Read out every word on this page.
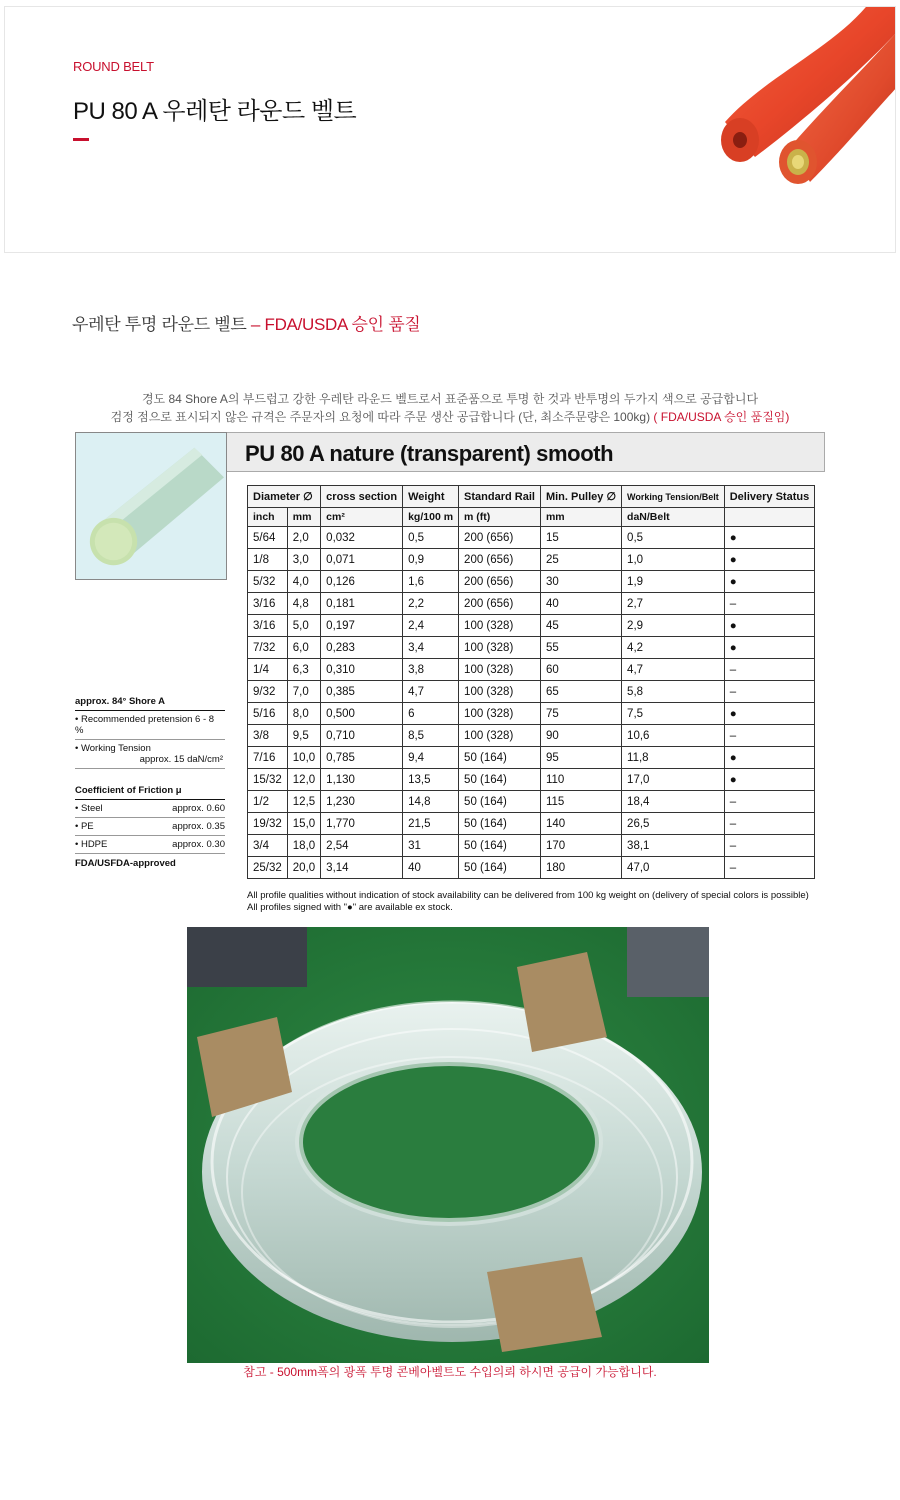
ROUND BELT
PU 80 A 우레탄 라운드 벨트
우레탄 투명 라운드 벨트 – FDA/USDA 승인 품질
경도 84 Shore A의 부드럽고 강한 우레탄 라운드 벨트로서 표준품으로 투명 한 것과 반투명의 두가지 색으로 공급합니다
검정 점으로 표시되지 않은 규격은 주문자의 요청에 따라 주문 생산 공급합니다 (단, 최소주문량은 100kg) ( FDA/USDA 승인 품질임)
PU 80 A nature (transparent) smooth
approx. 84° Shore A
• Recommended pretension 6 - 8 %
• Working Tension
approx. 15 daN/cm²
Coefficient of Friction μ
• Steel	approx. 0.60
• PE	approx. 0.35
• HDPE	approx. 0.30
FDA/USFDA-approved
Diameter ∅		cross section	Weight	Standard Rail	Min. Pulley ∅	Working Tension/Belt	Delivery Status
inch	mm	cm²	kg/100 m	m (ft)	mm	daN/Belt	
5/64	2,0	0,032	0,5	200 (656)	15	0,5	●
1/8	3,0	0,071	0,9	200 (656)	25	1,0	●
5/32	4,0	0,126	1,6	200 (656)	30	1,9	●
3/16	4,8	0,181	2,2	200 (656)	40	2,7	–
3/16	5,0	0,197	2,4	100 (328)	45	2,9	●
7/32	6,0	0,283	3,4	100 (328)	55	4,2	●
1/4	6,3	0,310	3,8	100 (328)	60	4,7	–
9/32	7,0	0,385	4,7	100 (328)	65	5,8	–
5/16	8,0	0,500	6	100 (328)	75	7,5	●
3/8	9,5	0,710	8,5	100 (328)	90	10,6	–
7/16	10,0	0,785	9,4	50 (164)	95	11,8	●
15/32	12,0	1,130	13,5	50 (164)	110	17,0	●
1/2	12,5	1,230	14,8	50 (164)	115	18,4	–
19/32	15,0	1,770	21,5	50 (164)	140	26,5	–
3/4	18,0	2,54	31	50 (164)	170	38,1	–
25/32	20,0	3,14	40	50 (164)	180	47,0	–
All profile qualities without indication of stock availability can be delivered from 100 kg weight on (delivery of special colors is possible)
All profiles signed with "●" are available ex stock.
참고 - 500mm폭의 광폭 투명 콘베아벨트도 수입의뢰 하시면 공급이 가능합니다.
